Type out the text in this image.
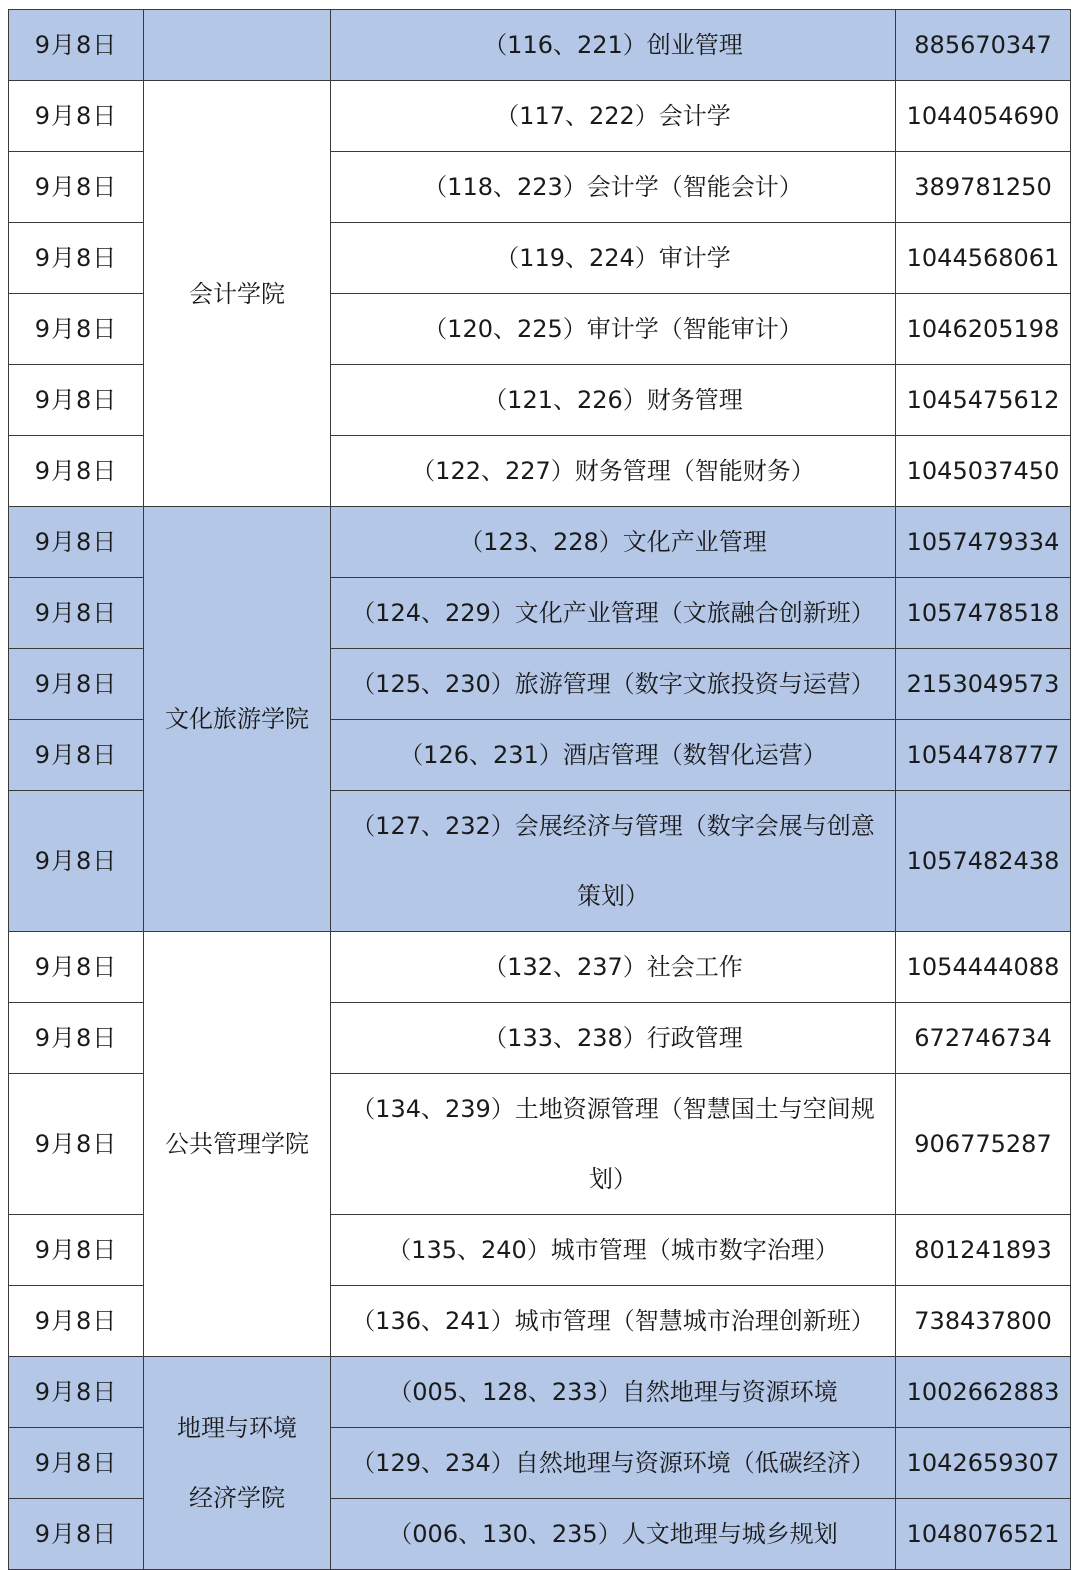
9月8日		（116、221）创业管理	885670347
9月8日	会计学院	（117、222）会计学	1044054690
9月8日		（118、223）会计学（智能会计）	389781250
9月8日		（119、224）审计学	1044568061
9月8日		（120、225）审计学（智能审计）	1046205198
9月8日		（121、226）财务管理	1045475612
9月8日		（122、227）财务管理（智能财务）	1045037450
9月8日	文化旅游学院	（123、228）文化产业管理	1057479334
9月8日		（124、229）文化产业管理（文旅融合创新班）	1057478518
9月8日		（125、230）旅游管理（数字文旅投资与运营）	2153049573
9月8日		（126、231）酒店管理（数智化运营）	1054478777
9月8日		（127、232）会展经济与管理（数字会展与创意策划）	1057482438
9月8日	公共管理学院	（132、237）社会工作	1054444088
9月8日		（133、238）行政管理	672746734
9月8日		（134、239）土地资源管理（智慧国土与空间规划）	906775287
9月8日		（135、240）城市管理（城市数字治理）	801241893
9月8日		（136、241）城市管理（智慧城市治理创新班）	738437800
9月8日	地理与环境经济学院	（005、128、233）自然地理与资源环境	1002662883
9月8日		（129、234）自然地理与资源环境（低碳经济）	1042659307
9月8日		（006、130、235）人文地理与城乡规划	1048076521
